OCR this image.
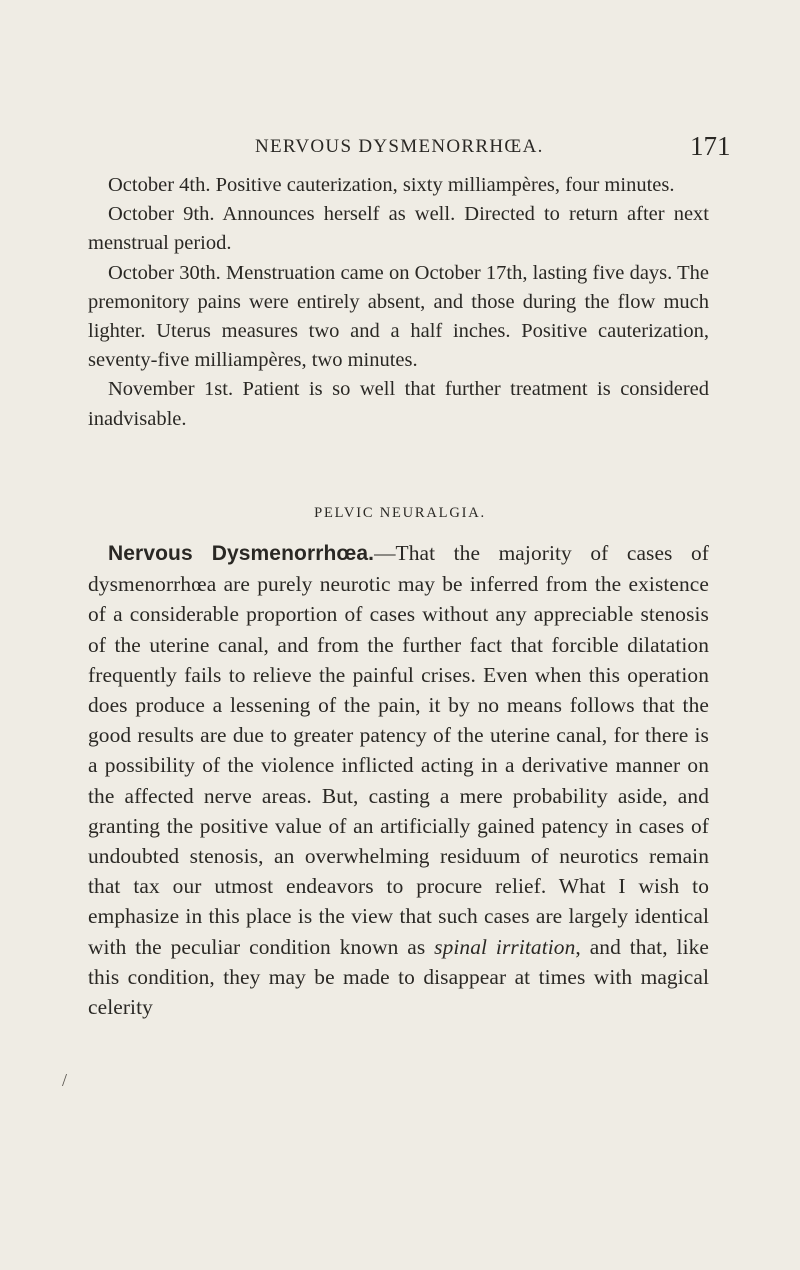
NERVOUS DYSMENORRHŒA.	171

October 4th. Positive cauterization, sixty milliampères, four minutes.

October 9th. Announces herself as well. Directed to return after next menstrual period.

October 30th. Menstruation came on October 17th, lasting five days. The premonitory pains were entirely absent, and those during the flow much lighter. Uterus measures two and a half inches. Positive cauterization, seventy-five milliampères, two minutes.

November 1st. Patient is so well that further treatment is considered inadvisable.

PELVIC NEURALGIA.

Nervous Dysmenorrhœa.—That the majority of cases of dysmenorrhœa are purely neurotic may be inferred from the existence of a considerable proportion of cases without any appreciable stenosis of the uterine canal, and from the further fact that forcible dilatation frequently fails to relieve the painful crises. Even when this operation does produce a lessening of the pain, it by no means follows that the good results are due to greater patency of the uterine canal, for there is a possibility of the violence inflicted acting in a derivative manner on the affected nerve areas. But, casting a mere probability aside, and granting the positive value of an artificially gained patency in cases of undoubted stenosis, an overwhelming residuum of neurotics remain that tax our utmost endeavors to procure relief. What I wish to emphasize in this place is the view that such cases are largely identical with the peculiar condition known as spinal irritation, and that, like this condition, they may be made to disappear at times with magical celerity

/
